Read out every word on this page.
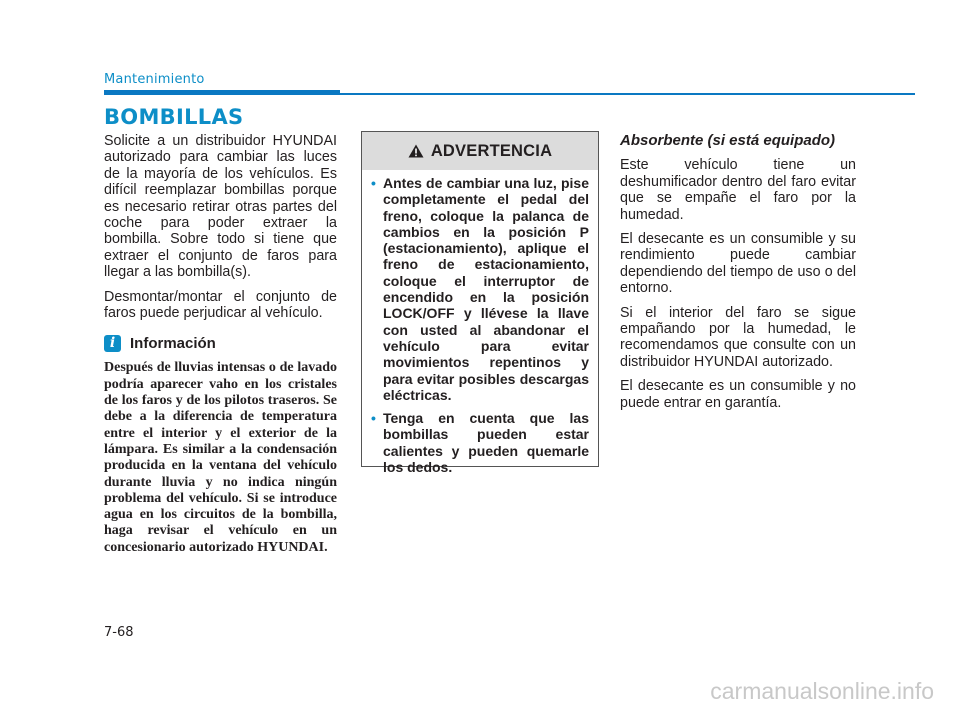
Mantenimiento
BOMBILLAS

Solicite a un distribuidor HYUNDAI autorizado para cambiar las luces de la mayoría de los vehículos. Es difícil reemplazar bombillas porque es necesario retirar otras partes del coche para poder extraer la bombilla. Sobre todo si tiene que extraer el conjunto de faros para llegar a las bombilla(s).

Desmontar/montar el conjunto de faros puede perjudicar al vehículo.

i Información

Después de lluvias intensas o de lavado podría aparecer vaho en los cristales de los faros y de los pilotos traseros. Se debe a la diferencia de temperatura entre el interior y el exterior de la lámpara. Es similar a la condensación producida en la ventana del vehículo durante lluvia y no indica ningún problema del vehículo. Si se introduce agua en los circuitos de la bombilla, haga revisar el vehículo en un concesionario autorizado HYUNDAI.

ADVERTENCIA
• Antes de cambiar una luz, pise completamente el pedal del freno, coloque la palanca de cambios en la posición P (estacionamiento), aplique el freno de estacionamiento, coloque el interruptor de encendido en la posición LOCK/OFF y llévese la llave con usted al abandonar el vehículo para evitar movimientos repentinos y para evitar posibles descargas eléctricas.
• Tenga en cuenta que las bombillas pueden estar calientes y pueden quemarle los dedos.

Absorbente (si está equipado)

Este vehículo tiene un deshumificador dentro del faro evitar que se empañe el faro por la humedad.

El desecante es un consumible y su rendimiento puede cambiar dependiendo del tiempo de uso o del entorno.

Si el interior del faro se sigue empañando por la humedad, le recomendamos que consulte con un distribuidor HYUNDAI autorizado.

El desecante es un consumible y no puede entrar en garantía.

7-68
carmanualsonline.info
